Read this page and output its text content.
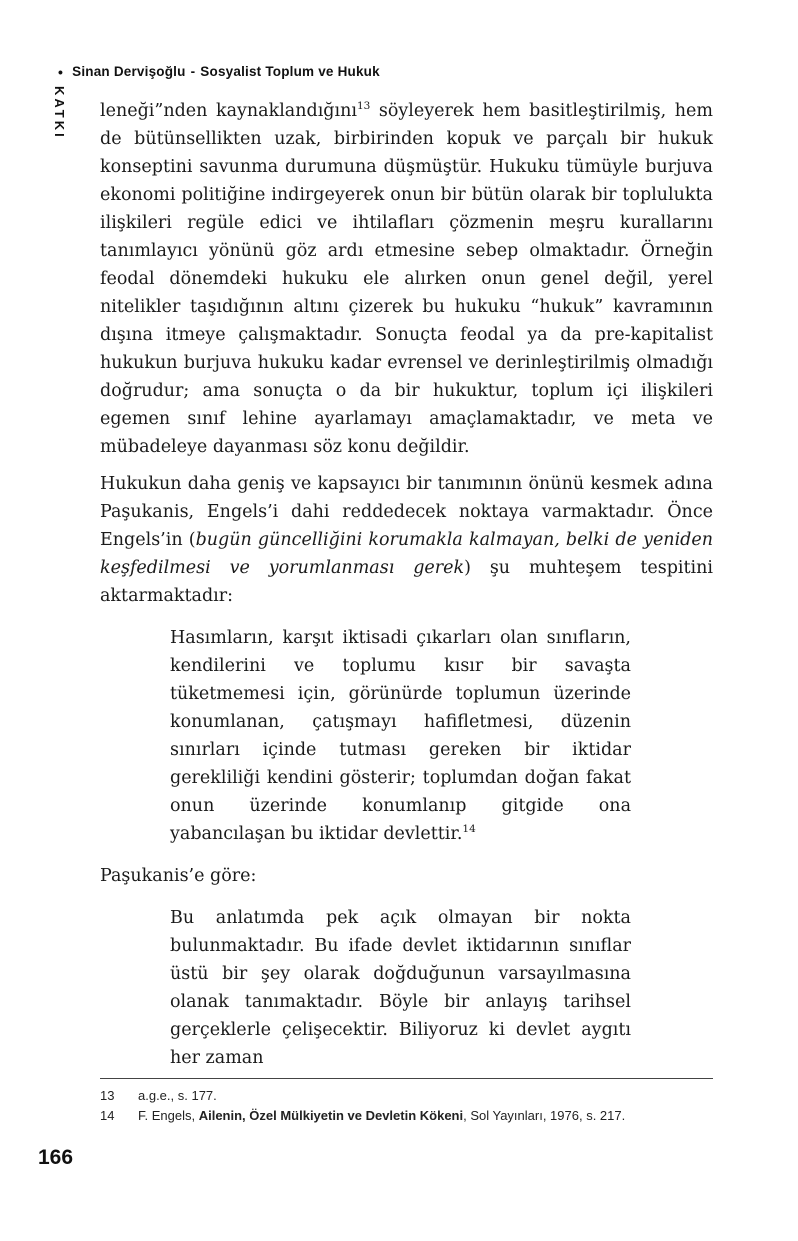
• Sinan Dervişoğlu - Sosyalist Toplum ve Hukuk
KATKI leneği”nden kaynaklandığını$^{13}$ söyleyerek hem basitleştirilmiş, hem de bütünsellikten uzak, birbirinden kopuk ve parçalı bir hukuk konseptini savunma durumuna düşmüştür. Hukuku tümüyle burjuva ekonomi politiğine indirgeyerek onun bir bütün olarak bir toplulukta ilişkileri regüle edici ve ihtilafları çözmenin meşru kurallarını tanımlayıcı yönünü göz ardı etmesine sebep olmaktadır. Örneğin feodal dönemdeki hukuku ele alırken onun genel değil, yerel nitelikler taşıdığının altını çizerek bu hukuku “hukuk” kavramının dışına itmeye çalışmaktadır. Sonuçta feodal ya da pre-kapitalist hukukun burjuva hukuku kadar evrensel ve derinleştirilmiş olmadığı doğrudur; ama sonuçta o da bir hukuktur, toplum içi ilişkileri egemen sınıf lehine ayarlamayı amaçlamaktadır, ve meta ve mübadeleye dayanması söz konu değildir.

Hukukun daha geniş ve kapsayıcı bir tanımının önünü kesmek adına Paşukanis, Engels’i dahi reddedecek noktaya varmaktadır. Önce Engels’in (bugün güncelliğini korumakla kalmayan, belki de yeniden keşfedilmesi ve yorumlanması gerek) şu muhteşem tespitini aktarmaktadır:

Hasımların, karşıt iktisadi çıkarları olan sınıfların, kendilerini ve toplumu kısır bir savaşta tüketmemesi için, görünürde toplumun üzerinde konumlanan, çatışmayı hafifletmesi, düzenin sınırları içinde tutması gereken bir iktidar gerekliliği kendini gösterir; toplumdan doğan fakat onun üzerinde konumlanıp gitgide ona yabancılaşan bu iktidar devlettir.$^{14}$

Paşukanis’e göre:

Bu anlatımda pek açık olmayan bir nokta bulunmaktadır. Bu ifade devlet iktidarının sınıflar üstü bir şey olarak doğduğunun varsayılmasına olanak tanımaktadır. Böyle bir anlayış tarihsel gerçeklerle çelişecektir. Biliyoruz ki devlet aygıtı her zaman
13	a.g.e., s. 177.
14	F. Engels, Ailenin, Özel Mülkiyetin ve Devletin Kökeni, Sol Yayınları, 1976, s. 217.
166
